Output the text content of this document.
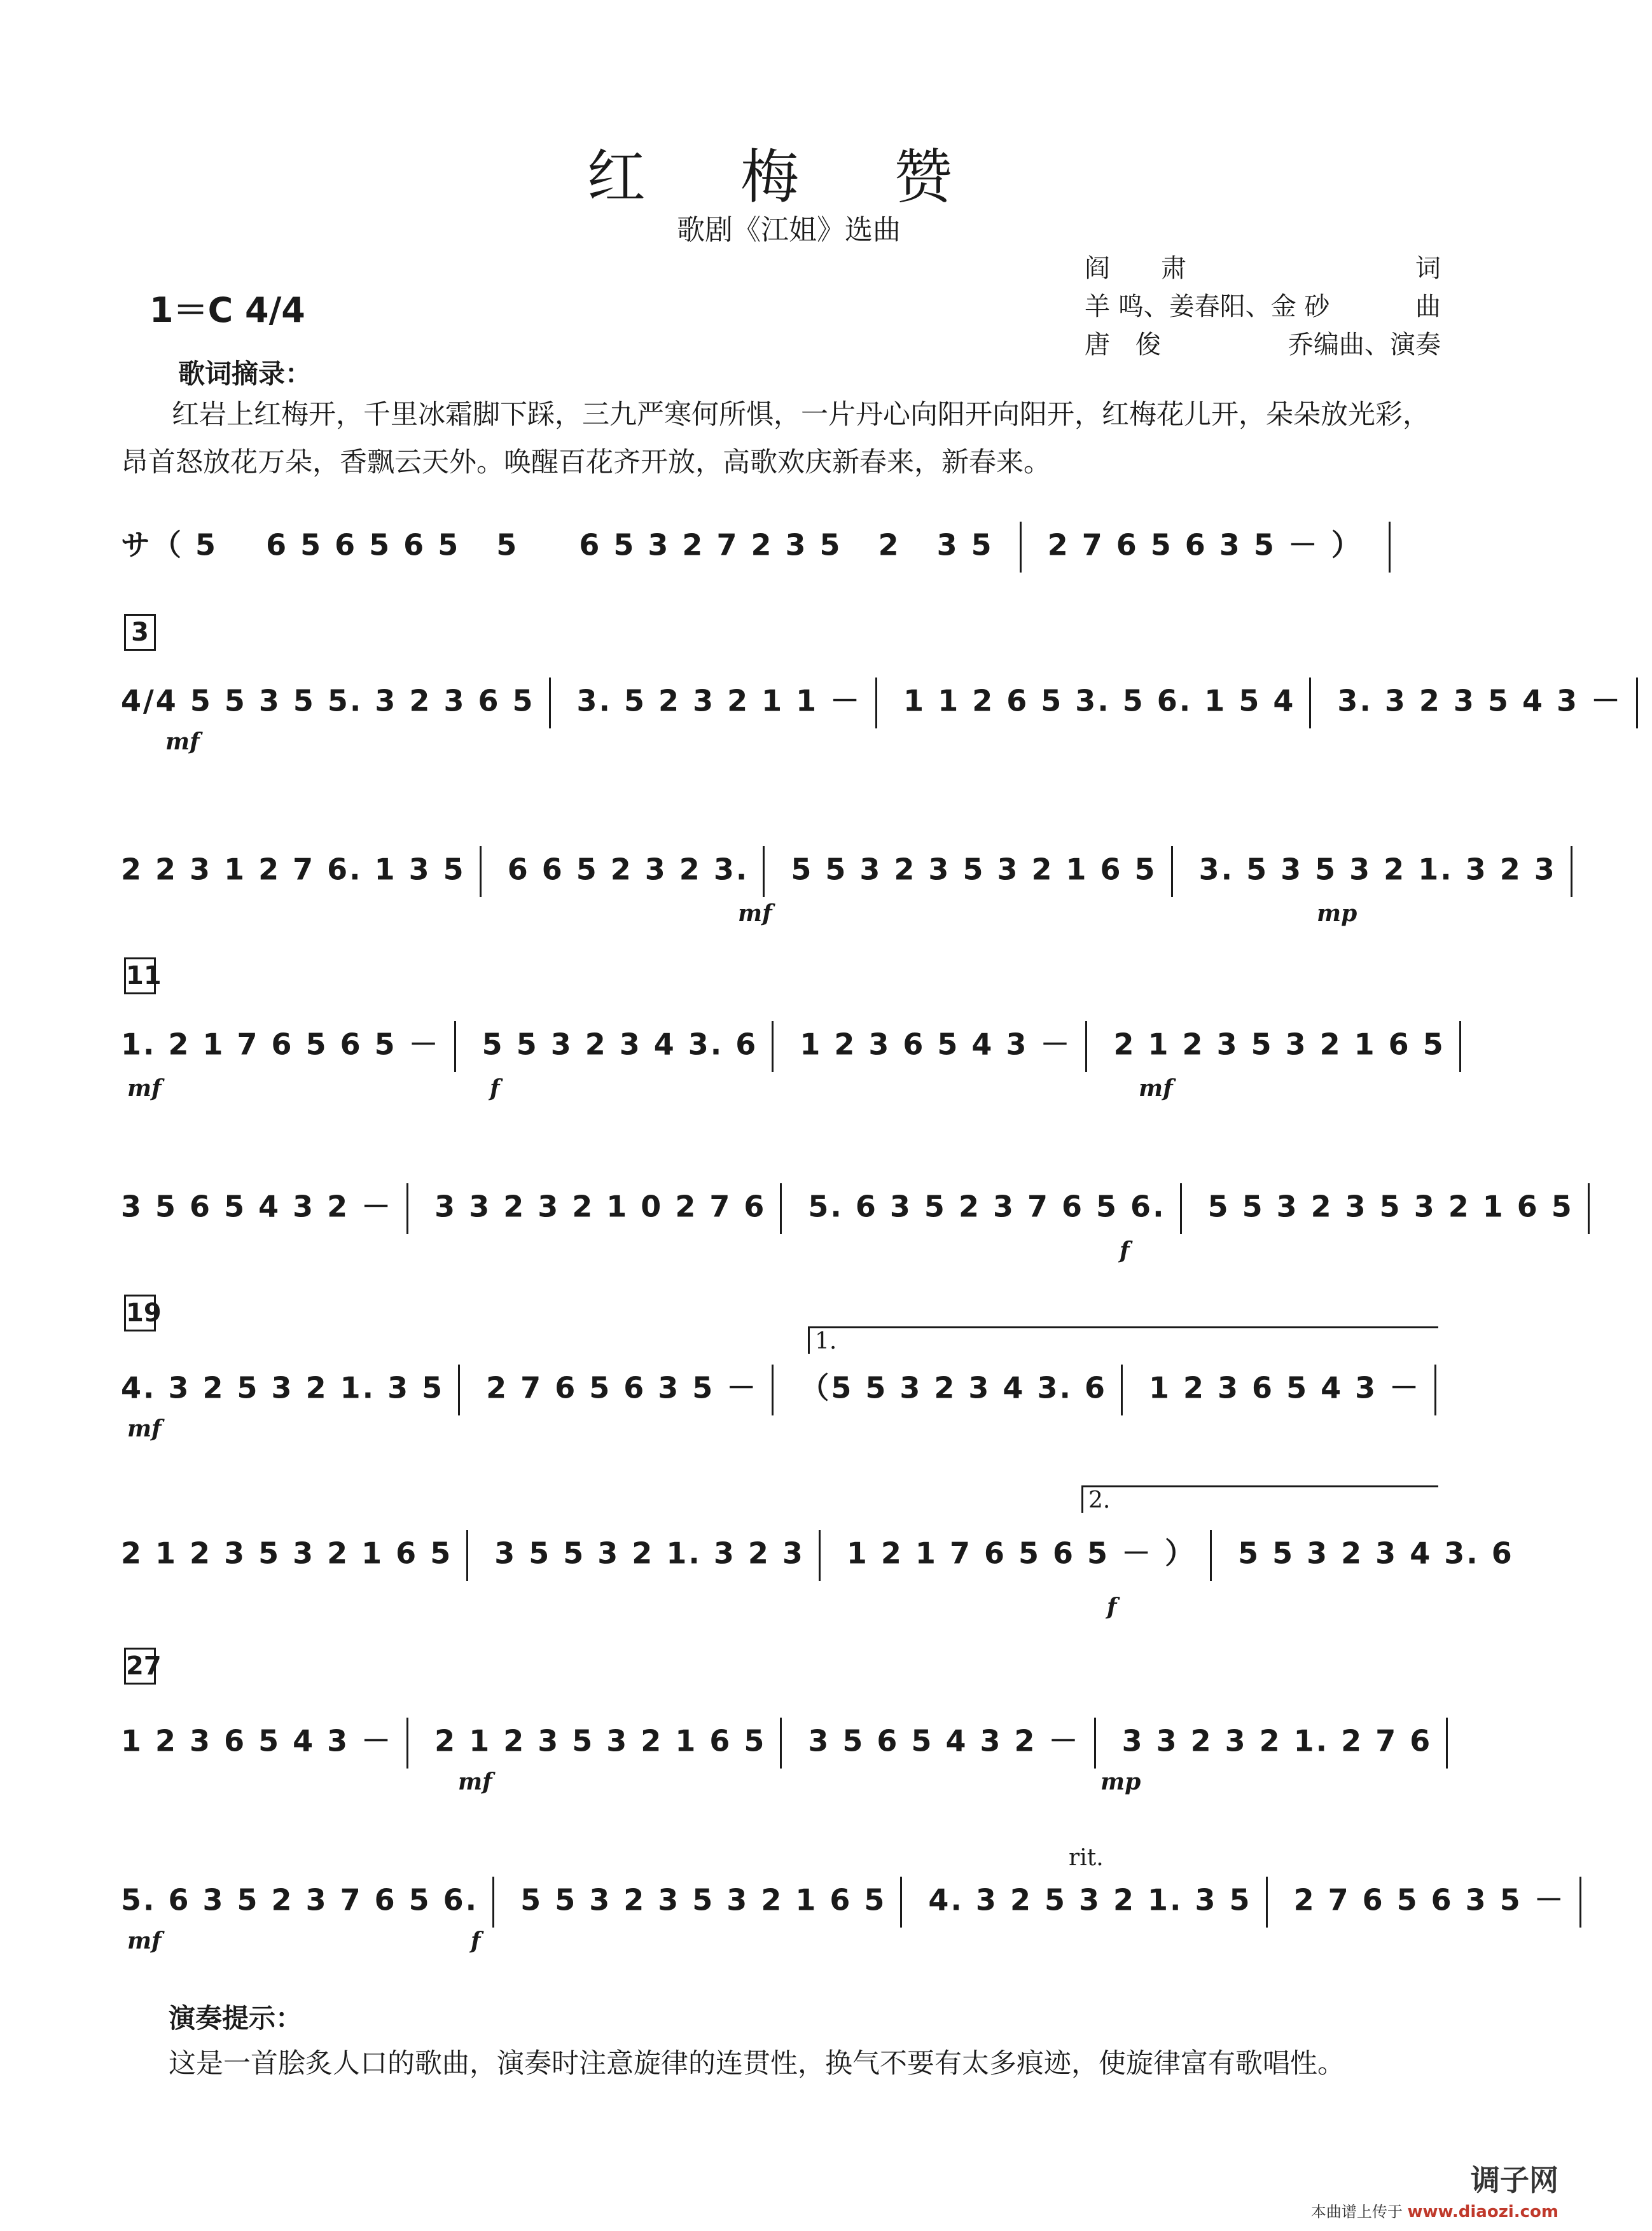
红 梅 赞
歌剧《江姐》选曲
阎　　肃	词
羊 鸣、姜春阳、金 砂	曲
唐　俊	乔编曲、演奏
1＝C 4/4
歌词摘录：
红岩上红梅开，千里冰霜脚下踩，三九严寒何所惧，一片丹心向阳开向阳开，红梅花儿开，朵朵放光彩，昂首怒放花万朵，香飘云天外。唤醒百花齐开放，高歌欢庆新春来，新春来。
サ（ 5 6 5 6 5 6 5 5 6 5 3 2 7 2 3 5 2 3 5 2 7 6 5 6 3 5 － ）
3
4/4 5 5 3 5 5. 3 2 3 6 5 3. 5 2 3 2 1 1 － 1 1 2 6 5 3. 5 6. 1 5 4 3. 3 2 3 5 4 3 －
mf
2 2 3 1 2 7 6. 1 3 5 6 6 5 2 3 2 3. 5 5 3 2 3 5 3 2 1 6 5 3. 5 3 5 3 2 1. 3 2 3
mf	mp
11
1. 2 1 7 6 5 6 5 － 5 5 3 2 3 4 3. 6 1 2 3 6 5 4 3 － 2 1 2 3 5 3 2 1 6 5
mf	f	mf
3 5 6 5 4 3 2 － 3 3 2 3 2 1 0 2 7 6 5. 6 3 5 2 3 7 6 5 6. 5 5 3 2 3 5 3 2 1 6 5
f
19
1.
4. 3 2 5 3 2 1. 3 5 2 7 6 5 6 3 5 － （5 5 3 2 3 4 3. 6 1 2 3 6 5 4 3 －
mf
2.
2 1 2 3 5 3 2 1 6 5 3 5 5 3 2 1. 3 2 3 1 2 1 7 6 5 6 5 － ） 5 5 3 2 3 4 3. 6
f
27
1 2 3 6 5 4 3 － 2 1 2 3 5 3 2 1 6 5 3 5 6 5 4 3 2 － 3 3 2 3 2 1. 2 7 6
mf	mp
5. 6 3 5 2 3 7 6 5 6. 5 5 3 2 3 5 3 2 1 6 5 4. 3 2 5 3 2 1. 3 5 2 7 6 5 6 3 5 －
rit.
mf	f
演奏提示：
这是一首脍炙人口的歌曲，演奏时注意旋律的连贯性，换气不要有太多痕迹，使旋律富有歌唱性。
调子网
本曲谱上传于 www.diaozi.com
